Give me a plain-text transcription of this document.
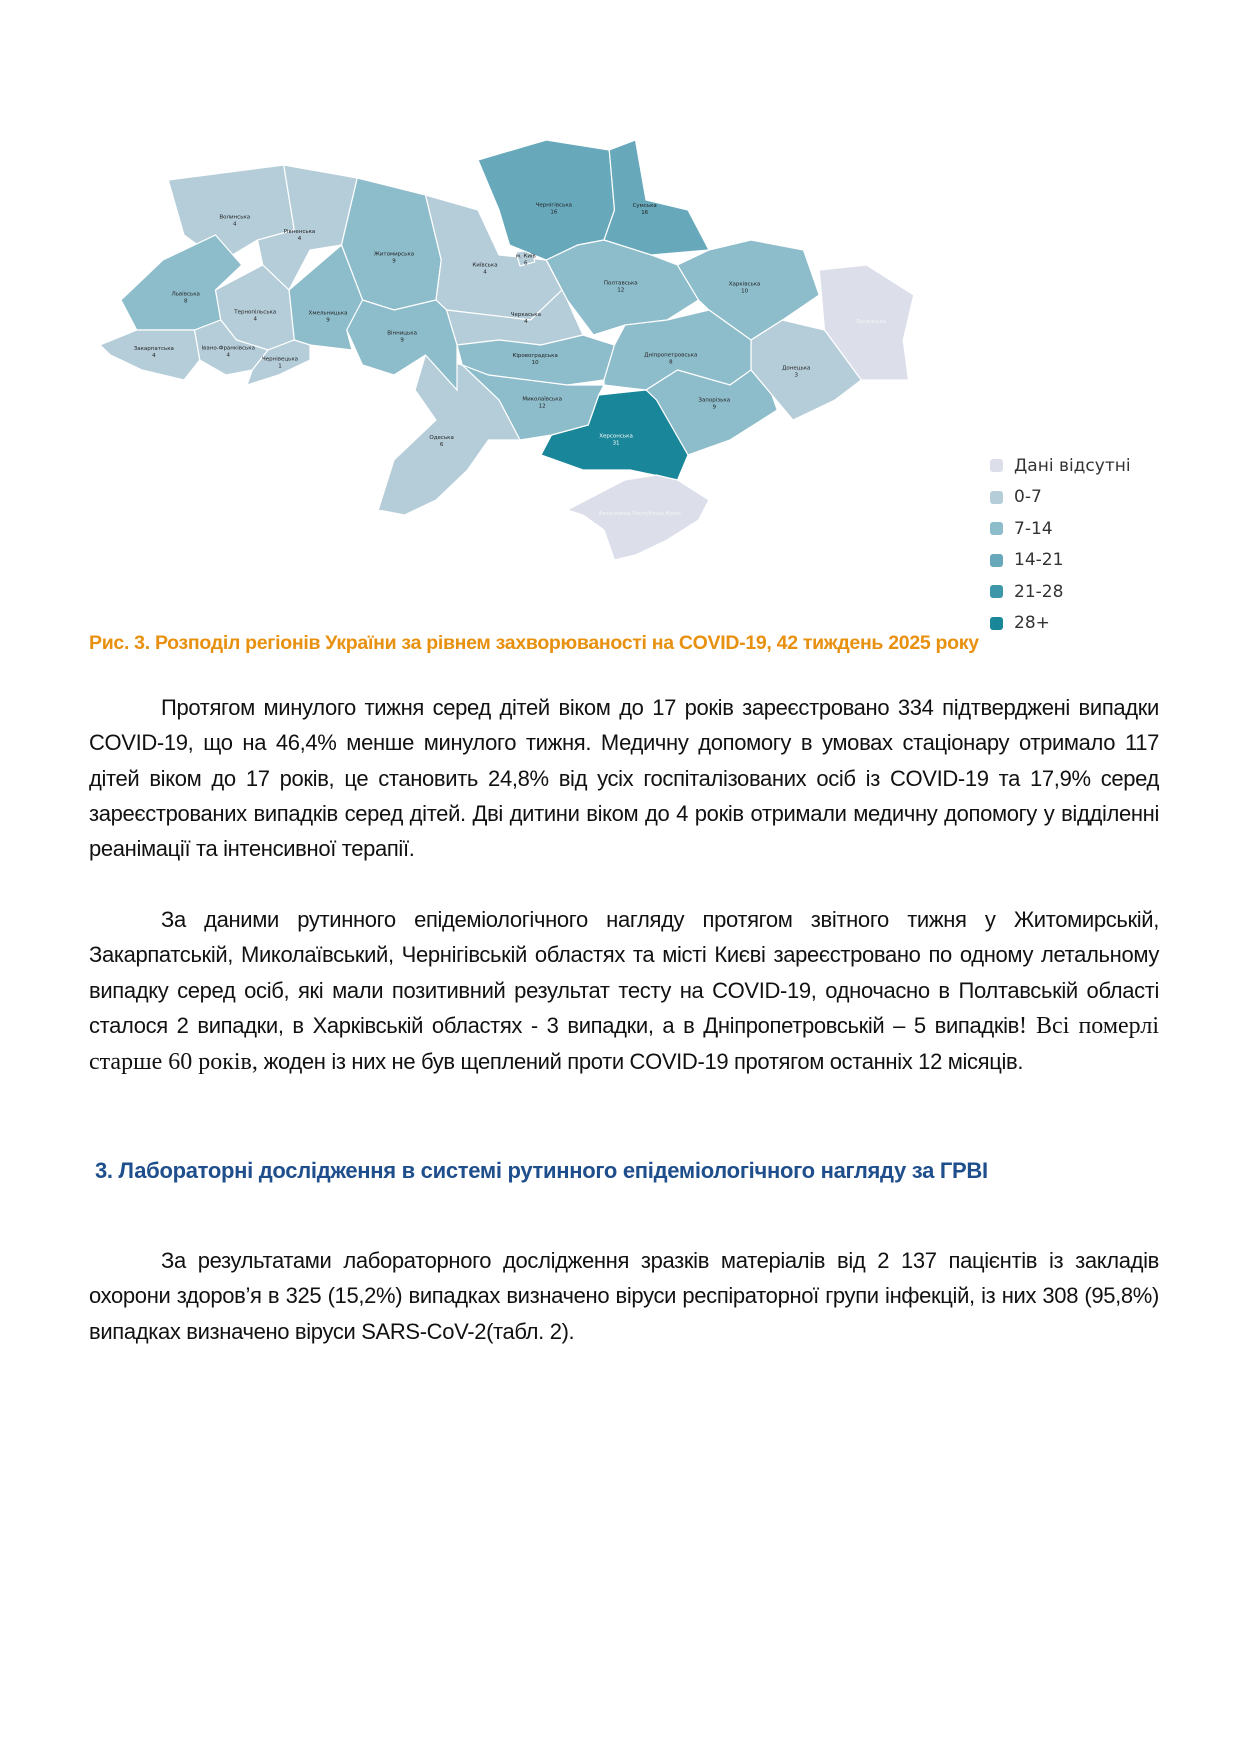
Волинська
4
Рівненська
4
Житомирська
9
Київська
4
м. Київ
6
Чернігівська
16
Сумська
16
Полтавська
12
Харківська
10
Луганська
Донецька
3
Черкаська
4
Кіровоградська
10
Дніпропетровська
8
Запорізька
9
Херсонська
31
Миколаївська
12
Одеська
6
Вінницька
9
Хмельницька
9
Львівська
8
Тернопільська
4
Івано-Франківська
4
Закарпатська
4
Чернівецька
1
Автономна Республіка Крим
Дані відсутні
0-7
7-14
14-21
21-28
28+
Рис. 3. Розподіл регіонів України за рівнем захворюваності на COVID-19, 42 тиждень 2025 року

Протягом минулого тижня серед дітей віком до 17 років зареєстровано 334 підтверджені випадки COVID-19, що на 46,4% менше минулого тижня. Медичну допомогу в умовах стаціонару отримало 117 дітей віком до 17 років, це становить 24,8% від усіх госпіталізованих осіб із COVID-19 та 17,9% серед зареєстрованих випадків серед дітей. Дві дитини віком до 4 років отримали медичну допомогу у відділенні реанімації та інтенсивної терапії.

За даними рутинного епідеміологічного нагляду протягом звітного тижня у Житомирській, Закарпатській, Миколаївський, Чернігівській областях та місті Києві зареєстровано по одному летальному випадку серед осіб, які мали позитивний результат тесту на COVID-19, одночасно в Полтавській області сталося 2 випадки, в Харківській областях - 3 випадки, а в Дніпропетровській – 5 випадків! Всі померлі старше 60 років, жоден із них не був щеплений проти COVID-19 протягом останніх 12 місяців.

3. Лабораторні дослідження в системі рутинного епідеміологічного нагляду за ГРВІ

За результатами лабораторного дослідження зразків матеріалів від 2 137 пацієнтів із закладів охорони здоров’я в 325 (15,2%) випадках визначено віруси респіраторної групи інфекцій, із них 308 (95,8%) випадках визначено віруси SARS-CoV-2(табл. 2).
